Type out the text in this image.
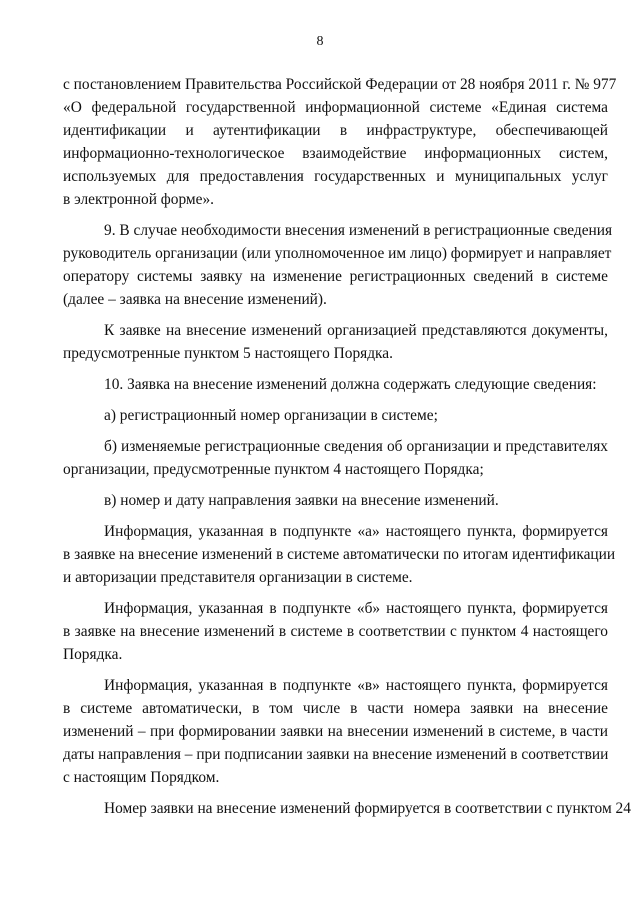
8
с постановлением Правительства Российской Федерации от 28 ноября 2011 г. № 977
«О федеральной государственной информационной системе «Единая система
идентификации и аутентификации в инфраструктуре, обеспечивающей
информационно-технологическое взаимодействие информационных систем,
используемых для предоставления государственных и муниципальных услуг
в электронной форме».
9. В случае необходимости внесения изменений в регистрационные сведения
руководитель организации (или уполномоченное им лицо) формирует и направляет
оператору системы заявку на изменение регистрационных сведений в системе
(далее – заявка на внесение изменений).
К заявке на внесение изменений организацией представляются документы,
предусмотренные пунктом 5 настоящего Порядка.
10. Заявка на внесение изменений должна содержать следующие сведения:
а) регистрационный номер организации в системе;
б) изменяемые регистрационные сведения об организации и представителях
организации, предусмотренные пунктом 4 настоящего Порядка;
в) номер и дату направления заявки на внесение изменений.
Информация, указанная в подпункте «а» настоящего пункта, формируется
в заявке на внесение изменений в системе автоматически по итогам идентификации
и авторизации представителя организации в системе.
Информация, указанная в подпункте «б» настоящего пункта, формируется
в заявке на внесение изменений в системе в соответствии с пунктом 4 настоящего
Порядка.
Информация, указанная в подпункте «в» настоящего пункта, формируется
в системе автоматически, в том числе в части номера заявки на внесение
изменений – при формировании заявки на внесении изменений в системе, в части
даты направления – при подписании заявки на внесение изменений в соответствии
с настоящим Порядком.
Номер заявки на внесение изменений формируется в соответствии с пунктом 24
